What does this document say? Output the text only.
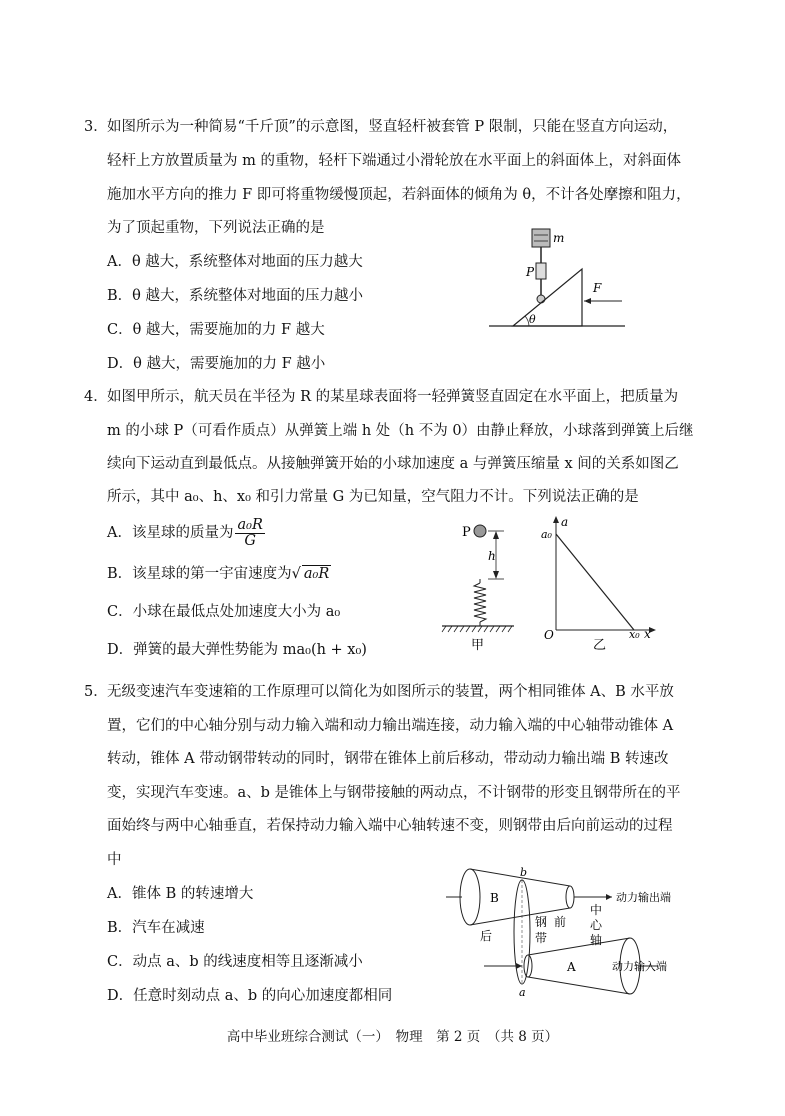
3． 如图所示为一种简易“千斤顶”的示意图，竖直轻杆被套管 P 限制，只能在竖直方向运动，
轻杆上方放置质量为 m 的重物，轻杆下端通过小滑轮放在水平面上的斜面体上，对斜面体
施加水平方向的推力 F 即可将重物缓慢顶起，若斜面体的倾角为 θ，不计各处摩擦和阻力，
为了顶起重物，下列说法正确的是
A．θ 越大，系统整体对地面的压力越大
B．θ 越大，系统整体对地面的压力越小
C．θ 越大，需要施加的力 F 越大
D．θ 越大，需要施加的力 F 越小
m
P
θ
F
4． 如图甲所示，航天员在半径为 R 的某星球表面将一轻弹簧竖直固定在水平面上，把质量为
m 的小球 P（可看作质点）从弹簧上端 h 处（h 不为 0）由静止释放，小球落到弹簧上后继
续向下运动直到最低点。从接触弹簧开始的小球加速度 a 与弹簧压缩量 x 间的关系如图乙
所示，其中 a₀、h、x₀ 和引力常量 G 为已知量，空气阻力不计。下列说法正确的是
A．该星球的质量为 $\frac{\text{a₀R}}{G}$
B．该星球的第一宇宙速度为√ a₀R
C．小球在最低点处加速度大小为 a₀
D．弹簧的最大弹性势能为 ma₀(h + x₀)
P
h
甲
a
a₀
O	x₀ x
乙
5． 无级变速汽车变速箱的工作原理可以简化为如图所示的装置，两个相同锥体 A、B 水平放
置，它们的中心轴分别与动力输入端和动力输出端连接，动力输入端的中心轴带动锥体 A
转动，锥体 A 带动钢带转动的同时，钢带在锥体上前后移动，带动动力输出端 B 转速改
变，实现汽车变速。a、b 是锥体上与钢带接触的两动点，不计钢带的形变且钢带所在的平
面始终与两中心轴垂直，若保持动力输入端中心轴转速不变，则钢带由后向前运动的过程
中
A．锥体 B 的转速增大
B．汽车在减速
C．动点 a、b 的线速度相等且逐渐减小
D．任意时刻动点 a、b 的向心加速度都相同
动力输出端
B
A	动力输入端
b
a
后
钢
带
前
中
心
轴
高中毕业班综合测试（一）　物理　第 2 页　（共 8 页）
